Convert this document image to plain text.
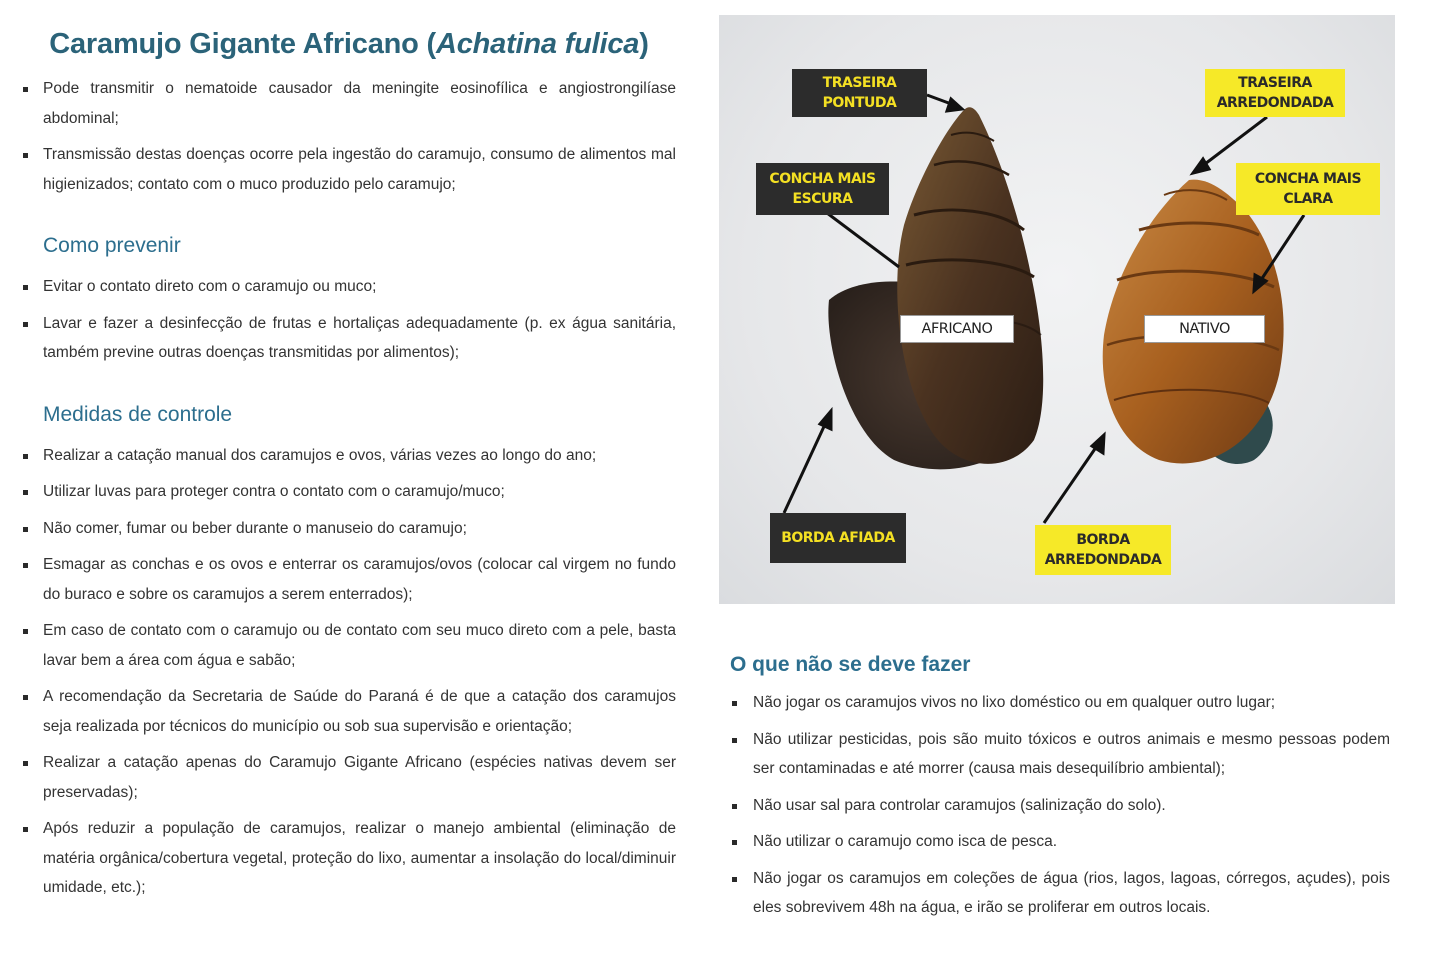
Caramujo Gigante Africano (Achatina fulica)
Pode transmitir o nematoide causador da meningite eosinofílica e angiostrongilíase abdominal;
Transmissão destas doenças ocorre pela ingestão do caramujo, consumo de alimentos mal higienizados; contato com o muco produzido pelo caramujo;
Como prevenir
Evitar o contato direto com o caramujo ou muco;
Lavar e fazer a desinfecção de frutas e hortaliças adequadamente (p. ex água sanitária, também previne outras doenças transmitidas por alimentos);
Medidas de controle
Realizar a catação manual dos caramujos e ovos, várias vezes ao longo do ano;
Utilizar luvas para proteger contra o contato com o caramujo/muco;
Não comer, fumar ou beber durante o manuseio do caramujo;
Esmagar as conchas e os ovos e enterrar os caramujos/ovos (colocar cal virgem no fundo do buraco e sobre os caramujos a serem enterrados);
Em caso de contato com o caramujo ou de contato com seu muco direto com a pele, basta lavar bem a área com água e sabão;
A recomendação da Secretaria de Saúde do Paraná é de que a catação dos caramujos seja realizada por técnicos do município ou sob sua supervisão e orientação;
Realizar a catação apenas do Caramujo Gigante Africano (espécies nativas devem ser preservadas);
Após reduzir a população de caramujos, realizar o manejo ambiental (eliminação de matéria orgânica/cobertura vegetal, proteção do lixo, aumentar a insolação do local/diminuir umidade, etc.);
TRASEIRA PONTUDA
CONCHA MAIS ESCURA
AFRICANO
BORDA AFIADA
TRASEIRA ARREDONDADA
CONCHA MAIS CLARA
NATIVO
BORDA ARREDONDADA
O que não se deve fazer
Não jogar os caramujos vivos no lixo doméstico ou em qualquer outro lugar;
Não utilizar pesticidas, pois são muito tóxicos e outros animais e mesmo pessoas podem ser contaminadas e até morrer (causa mais desequilíbrio ambiental);
Não usar sal para controlar caramujos (salinização do solo).
Não utilizar o caramujo como isca de pesca.
Não jogar os caramujos em coleções de água (rios, lagos, lagoas, córregos, açudes), pois eles sobrevivem 48h na água, e irão se proliferar em outros locais.
